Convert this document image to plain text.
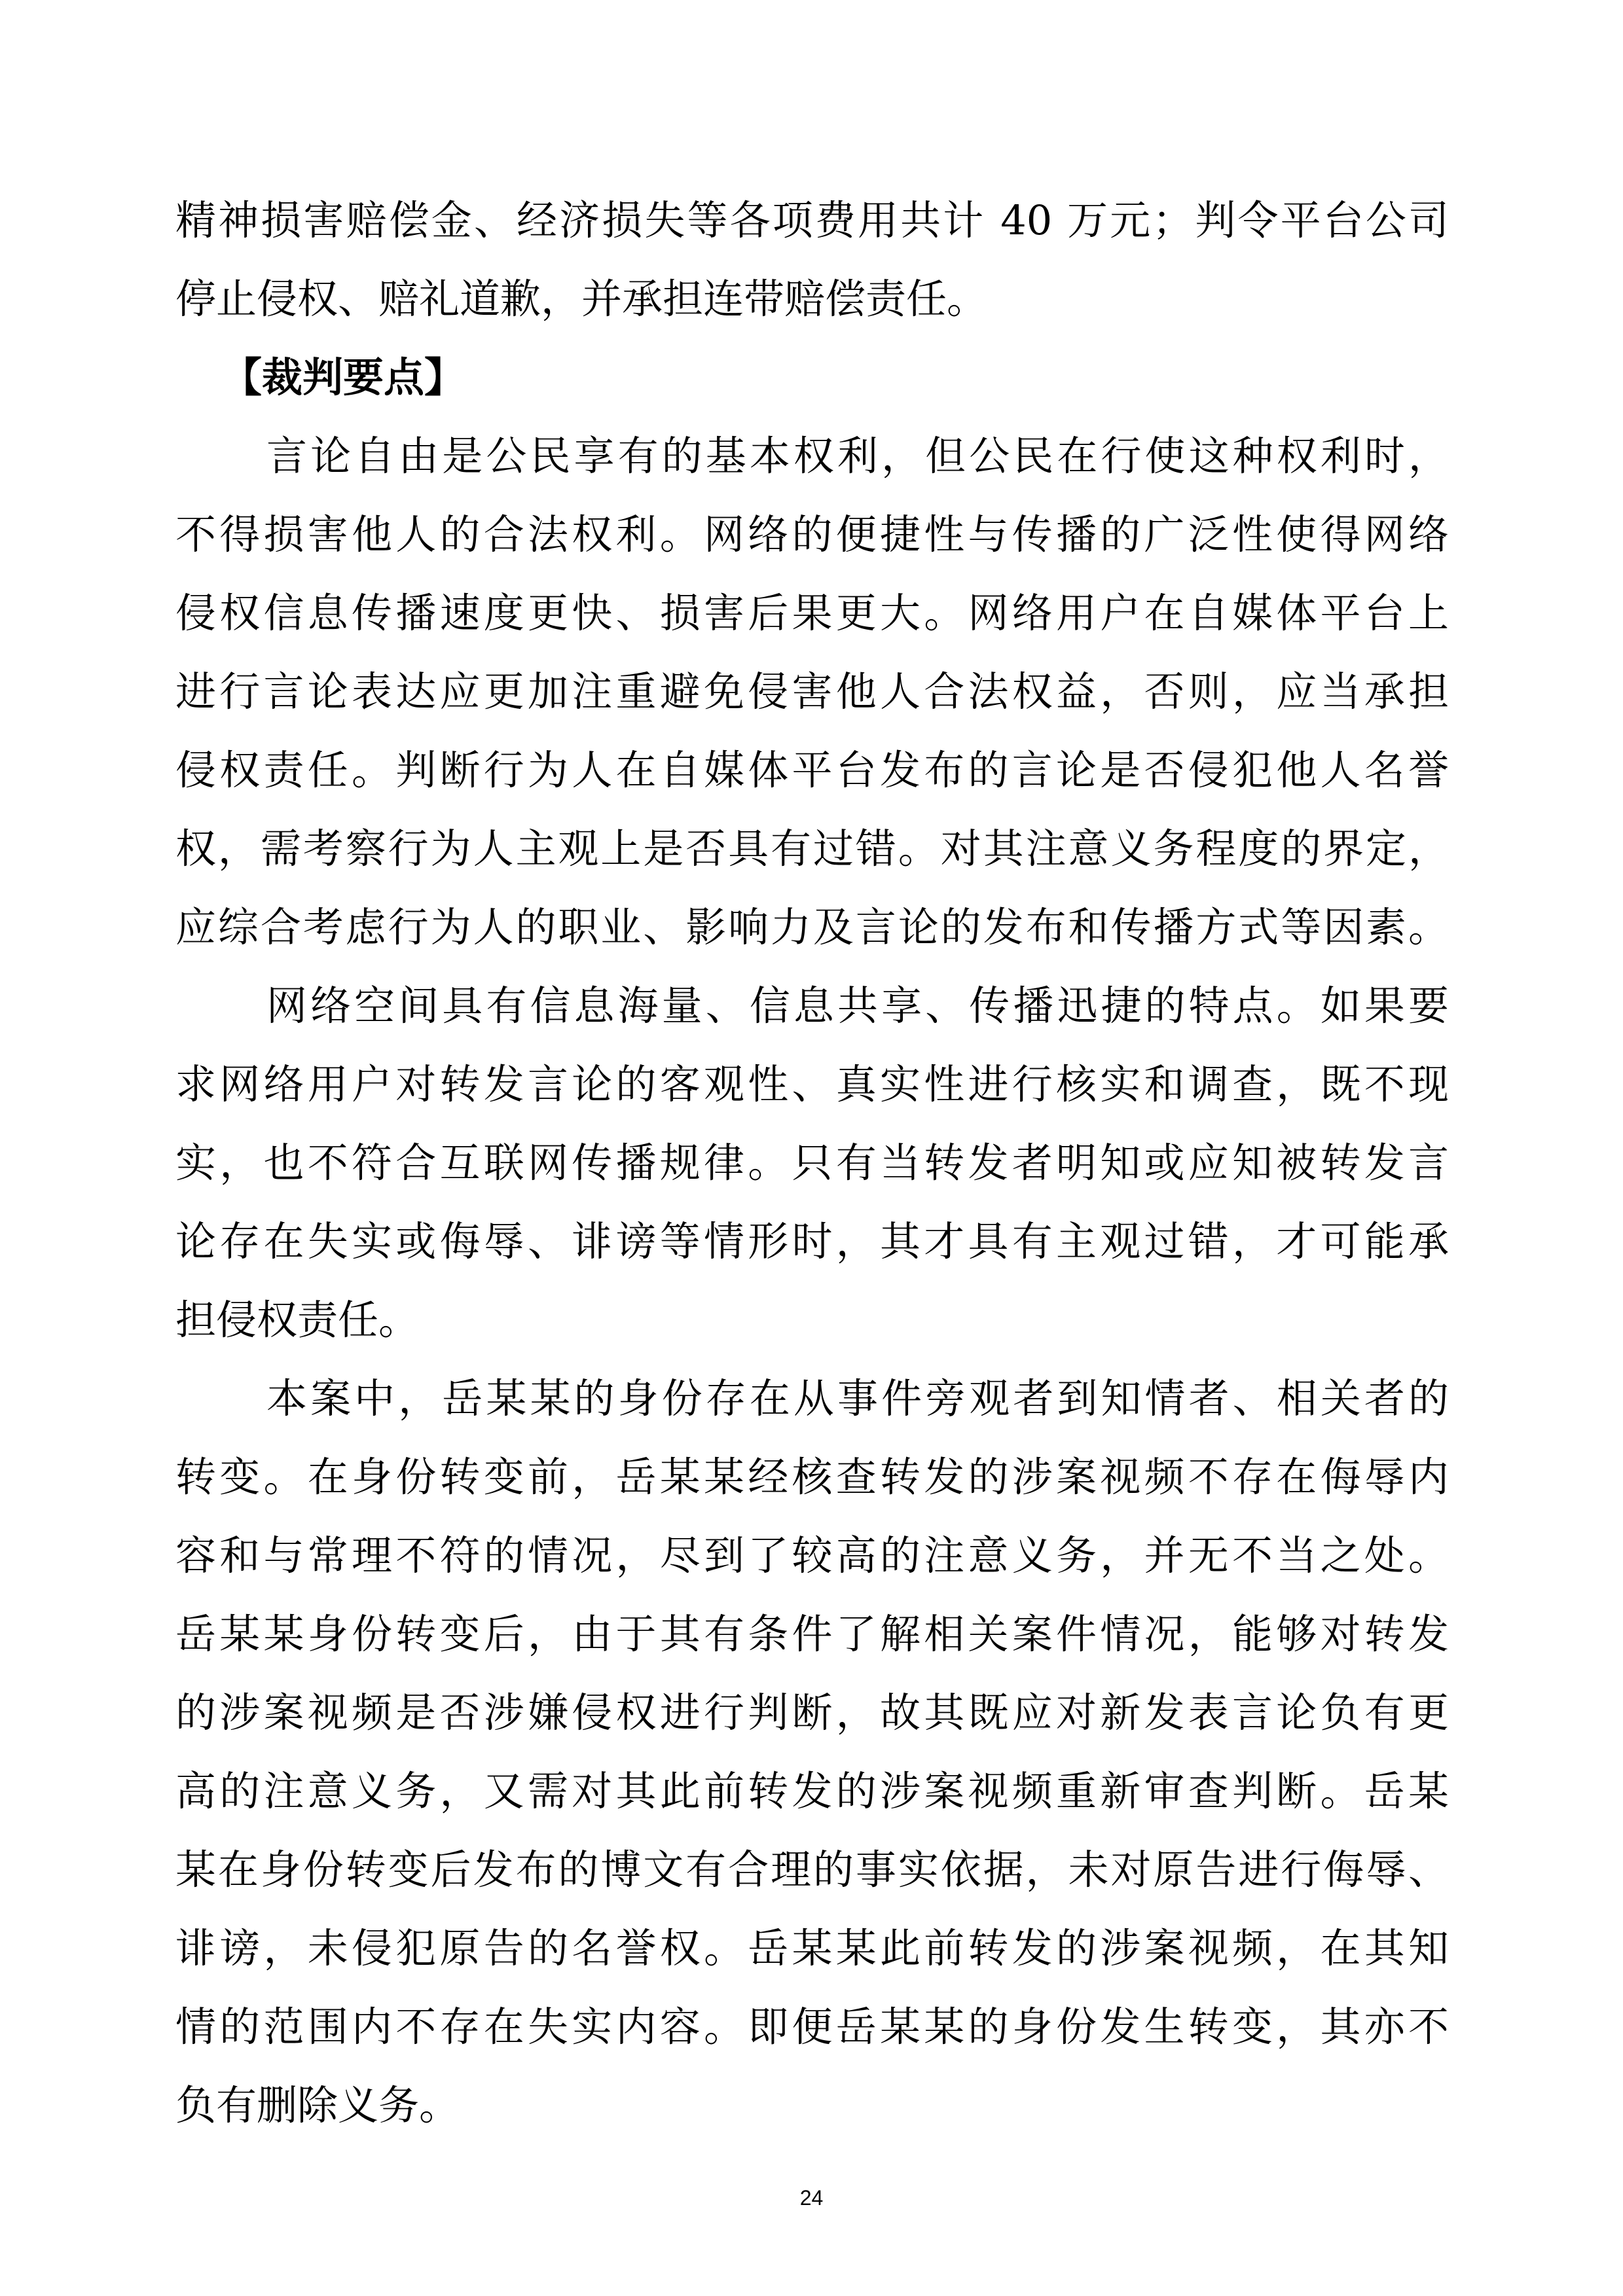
精神损害赔偿金、经济损失等各项费用共计 40 万元；判令平台公司
停止侵权、赔礼道歉，并承担连带赔偿责任。
【裁判要点】
言论自由是公民享有的基本权利，但公民在行使这种权利时，
不得损害他人的合法权利。网络的便捷性与传播的广泛性使得网络
侵权信息传播速度更快、损害后果更大。网络用户在自媒体平台上
进行言论表达应更加注重避免侵害他人合法权益，否则，应当承担
侵权责任。判断行为人在自媒体平台发布的言论是否侵犯他人名誉
权，需考察行为人主观上是否具有过错。对其注意义务程度的界定，
应综合考虑行为人的职业、影响力及言论的发布和传播方式等因素。
网络空间具有信息海量、信息共享、传播迅捷的特点。如果要
求网络用户对转发言论的客观性、真实性进行核实和调查，既不现
实，也不符合互联网传播规律。只有当转发者明知或应知被转发言
论存在失实或侮辱、诽谤等情形时，其才具有主观过错，才可能承
担侵权责任。
本案中，岳某某的身份存在从事件旁观者到知情者、相关者的
转变。在身份转变前，岳某某经核查转发的涉案视频不存在侮辱内
容和与常理不符的情况，尽到了较高的注意义务，并无不当之处。
岳某某身份转变后，由于其有条件了解相关案件情况，能够对转发
的涉案视频是否涉嫌侵权进行判断，故其既应对新发表言论负有更
高的注意义务，又需对其此前转发的涉案视频重新审查判断。岳某
某在身份转变后发布的博文有合理的事实依据，未对原告进行侮辱、
诽谤，未侵犯原告的名誉权。岳某某此前转发的涉案视频，在其知
情的范围内不存在失实内容。即便岳某某的身份发生转变，其亦不
负有删除义务。
24
